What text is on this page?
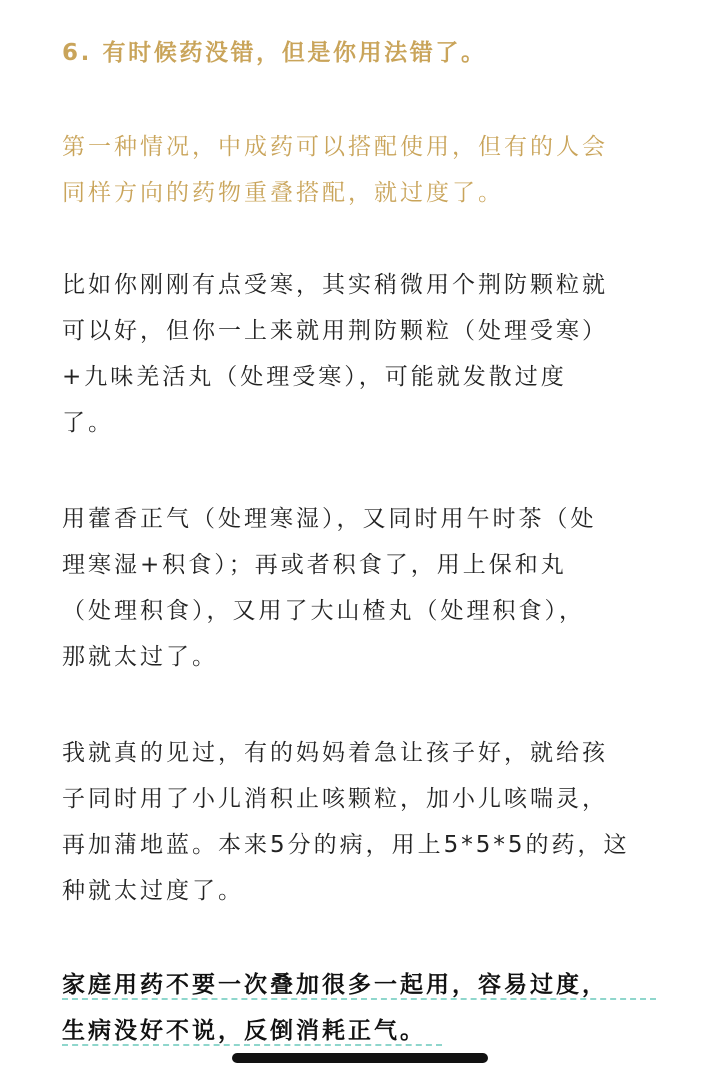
6. 有时候药没错，但是你用法错了。

第一种情况，中成药可以搭配使用，但有的人会
同样方向的药物重叠搭配，就过度了。

比如你刚刚有点受寒，其实稍微用个荆防颗粒就
可以好，但你一上来就用荆防颗粒（处理受寒）
+九味羌活丸（处理受寒），可能就发散过度
了。

用藿香正气（处理寒湿），又同时用午时茶（处
理寒湿+积食）；再或者积食了，用上保和丸
（处理积食），又用了大山楂丸（处理积食），
那就太过了。

我就真的见过，有的妈妈着急让孩子好，就给孩
子同时用了小儿消积止咳颗粒，加小儿咳喘灵，
再加蒲地蓝。本来5分的病，用上5*5*5的药，这
种就太过度了。

家庭用药不要一次叠加很多一起用，容易过度，
生病没好不说，反倒消耗正气。
